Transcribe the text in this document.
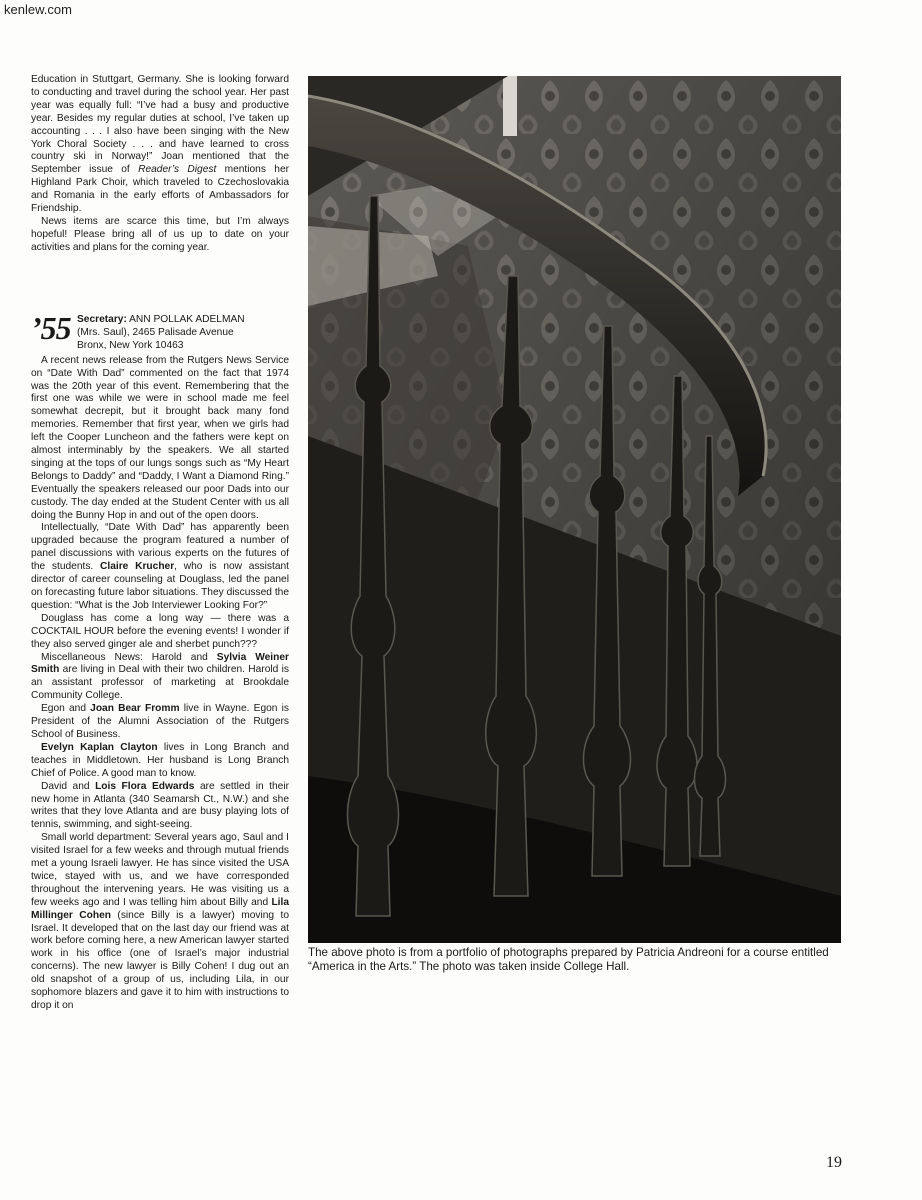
kenlew.com

Education in Stuttgart, Germany. She is looking forward to conducting and travel during the school year. Her past year was equally full: “I’ve had a busy and productive year. Besides my regular duties at school, I’ve taken up accounting . . . I also have been singing with the New York Choral Society . . . and have learned to cross country ski in Norway!” Joan mentioned that the September issue of Reader’s Digest mentions her Highland Park Choir, which traveled to Czechoslovakia and Romania in the early efforts of Ambassadors for Friendship.

News items are scarce this time, but I’m always hopeful! Please bring all of us up to date on your activities and plans for the coming year.

’55 Secretary: ANN POLLAK ADELMAN
(Mrs. Saul), 2465 Palisade Avenue
Bronx, New York 10463

A recent news release from the Rutgers News Service on “Date With Dad” commented on the fact that 1974 was the 20th year of this event. Remembering that the first one was while we were in school made me feel somewhat decrepit, but it brought back many fond memories. Remember that first year, when we girls had left the Cooper Luncheon and the fathers were kept on almost interminably by the speakers. We all started singing at the tops of our lungs songs such as “My Heart Belongs to Daddy” and “Daddy, I Want a Diamond Ring.” Eventually the speakers released our poor Dads into our custody. The day ended at the Student Center with us all doing the Bunny Hop in and out of the open doors.

Intellectually, “Date With Dad” has apparently been upgraded because the program featured a number of panel discussions with various experts on the futures of the students. Claire Krucher, who is now assistant director of career counseling at Douglass, led the panel on forecasting future labor situations. They discussed the question: “What is the Job Interviewer Looking For?”

Douglass has come a long way — there was a COCKTAIL HOUR before the evening events! I wonder if they also served ginger ale and sherbet punch???

Miscellaneous News: Harold and Sylvia Weiner Smith are living in Deal with their two children. Harold is an assistant professor of marketing at Brookdale Community College.

Egon and Joan Bear Fromm live in Wayne. Egon is President of the Alumni Association of the Rutgers School of Business.

Evelyn Kaplan Clayton lives in Long Branch and teaches in Middletown. Her husband is Long Branch Chief of Police. A good man to know.

David and Lois Flora Edwards are settled in their new home in Atlanta (340 Seamarsh Ct., N.W.) and she writes that they love Atlanta and are busy playing lots of tennis, swimming, and sight-seeing.

Small world department: Several years ago, Saul and I visited Israel for a few weeks and through mutual friends met a young Israeli lawyer. He has since visited the USA twice, stayed with us, and we have corresponded throughout the intervening years. He was visiting us a few weeks ago and I was telling him about Billy and Lila Millinger Cohen (since Billy is a lawyer) moving to Israel. It developed that on the last day our friend was at work before coming here, a new American lawyer started work in his office (one of Israel’s major industrial concerns). The new lawyer is Billy Cohen! I dug out an old snapshot of a group of us, including Lila, in our sophomore blazers and gave it to him with instructions to drop it on

The above photo is from a portfolio of photographs prepared by Patricia Andreoni for a course entitled “America in the Arts.” The photo was taken inside College Hall.
19
